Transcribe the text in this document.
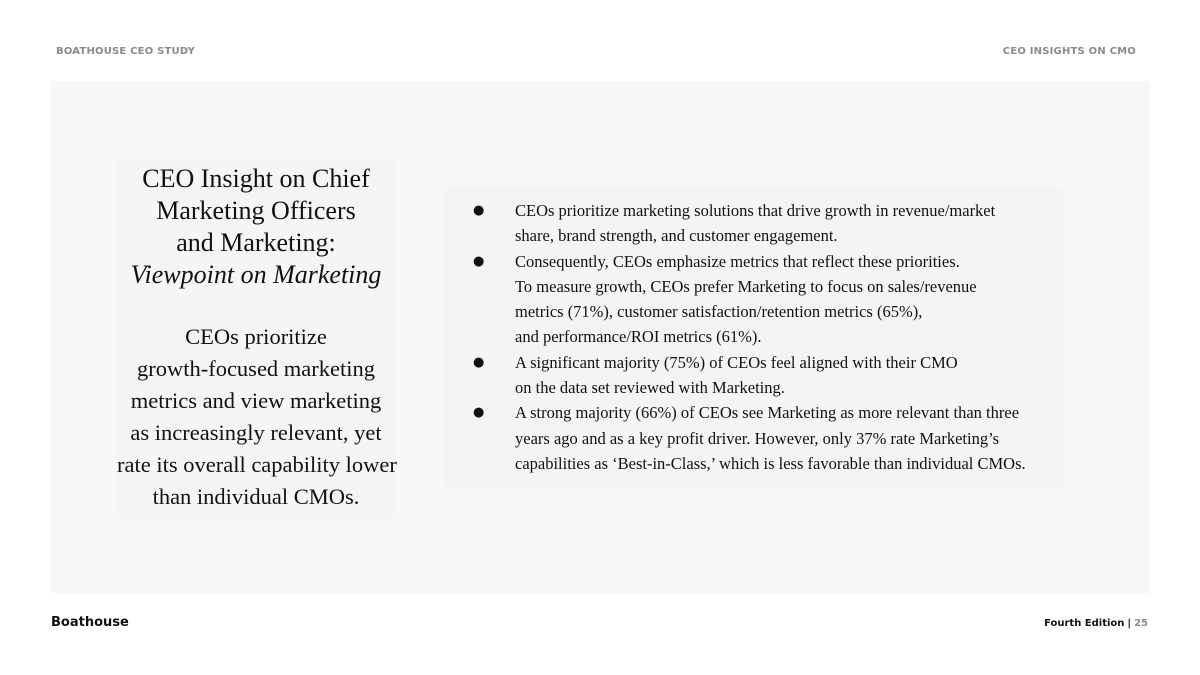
BOATHOUSE CEO STUDY	CEO INSIGHTS ON CMO
CEO Insight on Chief
Marketing Officers
and Marketing:
Viewpoint on Marketing

CEOs prioritize
growth-focused marketing
metrics and view marketing
as increasingly relevant, yet
rate its overall capability lower
than individual CMOs.

● CEOs prioritize marketing solutions that drive growth in revenue/market
share, brand strength, and customer engagement.
● Consequently, CEOs emphasize metrics that reflect these priorities.
To measure growth, CEOs prefer Marketing to focus on sales/revenue
metrics (71%), customer satisfaction/retention metrics (65%),
and performance/ROI metrics (61%).
● A significant majority (75%) of CEOs feel aligned with their CMO
on the data set reviewed with Marketing.
● A strong majority (66%) of CEOs see Marketing as more relevant than three
years ago and as a key profit driver. However, only 37% rate Marketing’s
capabilities as ‘Best-in-Class,’ which is less favorable than individual CMOs.
Boathouse	Fourth Edition | 25
